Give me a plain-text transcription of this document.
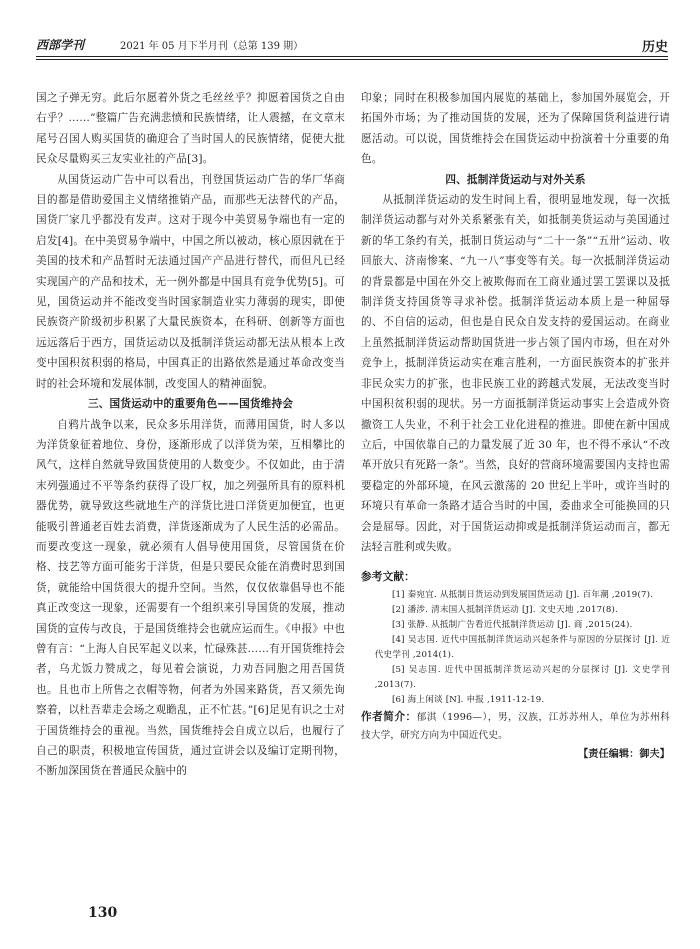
西部学刊	2021 年 05 月下半月刊（总第 139 期）	历史

国之子弹无穷。此后尔愿着外货之毛丝丝乎？抑愿着国货之自由右乎？……”整篇广告充满悲愤和民族情绪，让人震撼，在文章末尾号召国人购买国货的确迎合了当时国人的民族情绪，促使大批民众尽量购买三友实业社的产品[3]。

从国货运动广告中可以看出，刊登国货运动广告的华厂华商目的都是借助爱国主义情绪推销产品，而那些无法替代的产品，国货厂家几乎都没有发声。这对于现今中美贸易争端也有一定的启发[4]。在中美贸易争端中，中国之所以被动，核心原因就在于美国的技术和产品暂时无法通过国产产品进行替代，而但凡已经实现国产的产品和技术，无一例外都是中国具有竞争优势[5]。可见，国货运动并不能改变当时国家制造业实力薄弱的现实，即使民族资产阶级初步积累了大量民族资本，在科研、创新等方面也远远落后于西方，国货运动以及抵制洋货运动都无法从根本上改变中国积贫积弱的格局，中国真正的出路依然是通过革命改变当时的社会环境和发展体制，改变国人的精神面貌。

三、国货运动中的重要角色——国货维持会

自鸦片战争以来，民众多乐用洋货，而薄用国货，时人多以为洋货象征着地位、身份，逐渐形成了以洋货为荣，互相攀比的风气，这样自然就导致国货使用的人数变少。不仅如此，由于清末列强通过不平等条约获得了设厂权，加之列强所具有的原料机器优势，就导致这些就地生产的洋货比进口洋货更加便宜，也更能吸引普通老百姓去消费，洋货逐渐成为了人民生活的必需品。而要改变这一现象，就必须有人倡导使用国货，尽管国货在价格、技艺等方面可能劣于洋货，但是只要民众能在消费时思到国货，就能给中国货很大的提升空间。当然，仅仅依靠倡导也不能真正改变这一现象，还需要有一个组织来引导国货的发展，推动国货的宣传与改良，于是国货维持会也就应运而生。《申报》中也曾有言：“上海人自民军起义以来，忙碌殊甚……有开国货维持会者，乌尤饭力赞成之，每见着会演说，力劝吾同胞之用吾国货也。且也市上所售之衣帽等物，何者为外国来路货，吾又须先询察着，以杜吾辈走会场之观瞻乱，正不忙甚。”[6]足见有识之士对于国货维持会的重视。当然，国货维持会自成立以后，也履行了自己的职责，积极地宣传国货，通过宣讲会以及编订定期刊物，不断加深国货在普通民众脑中的

印象；同时在积极参加国内展览的基础上，参加国外展览会，开拓国外市场；为了推动国货的发展，还为了保障国货利益进行请愿活动。可以说，国货维持会在国货运动中扮演着十分重要的角色。

四、抵制洋货运动与对外关系

从抵制洋货运动的发生时间上看，很明显地发现，每一次抵制洋货运动都与对外关系紧张有关，如抵制美货运动与美国通过新的华工条约有关，抵制日货运动与“二十一条”“五卅”运动、收回旅大、济南惨案、“九一八”事变等有关。每一次抵制洋货运动的背景都是中国在外交上被欺侮而在工商业通过罢工罢课以及抵制洋货支持国货等寻求补偿。抵制洋货运动本质上是一种屈辱的、不自信的运动，但也是自民众自发支持的爱国运动。在商业上虽然抵制洋货运动帮助国货进一步占领了国内市场，但在对外竞争上，抵制洋货运动实在难言胜利，一方面民族资本的扩张并非民众实力的扩张，也非民族工业的跨越式发展，无法改变当时中国积贫积弱的现状。另一方面抵制洋货运动事实上会造成外资撤资工人失业，不利于社会工业化进程的推进。即使在新中国成立后，中国依靠自己的力量发展了近 30 年，也不得不承认“不改革开放只有死路一条”。当然，良好的营商环境需要国内支持也需要稳定的外部环境，在风云激荡的 20 世纪上半叶，或许当时的环境只有革命一条路才适合当时的中国，委曲求全可能换回的只会是屈辱。因此，对于国货运动抑或是抵制洋货运动而言，都无法轻言胜利或失败。

参考文献：

[1] 秦宛宜. 从抵制日货运动到发展国货运动 [J]. 百年潮 ,2019(7).

[2] 潘涉. 清末国人抵制洋货运动 [J]. 文史天地 ,2017(8).

[3] 张静. 从抵制广告看近代抵制洋货运动 [J]. 商 ,2015(24).

[4] 吴志国. 近代中国抵制洋货运动兴起条件与原因的分层探讨 [J]. 近代史学刊 ,2014(1).

[5] 吴志国. 近代中国抵制洋货运动兴起的分层探讨 [J]. 文史学刊 ,2013(7).

[6] 海上闲谈 [N]. 申报 ,1911-12-19.

作者简介：郁淇（1996—），男，汉族，江苏苏州人，单位为苏州科技大学，研究方向为中国近代史。

【责任编辑：御夫】

130
